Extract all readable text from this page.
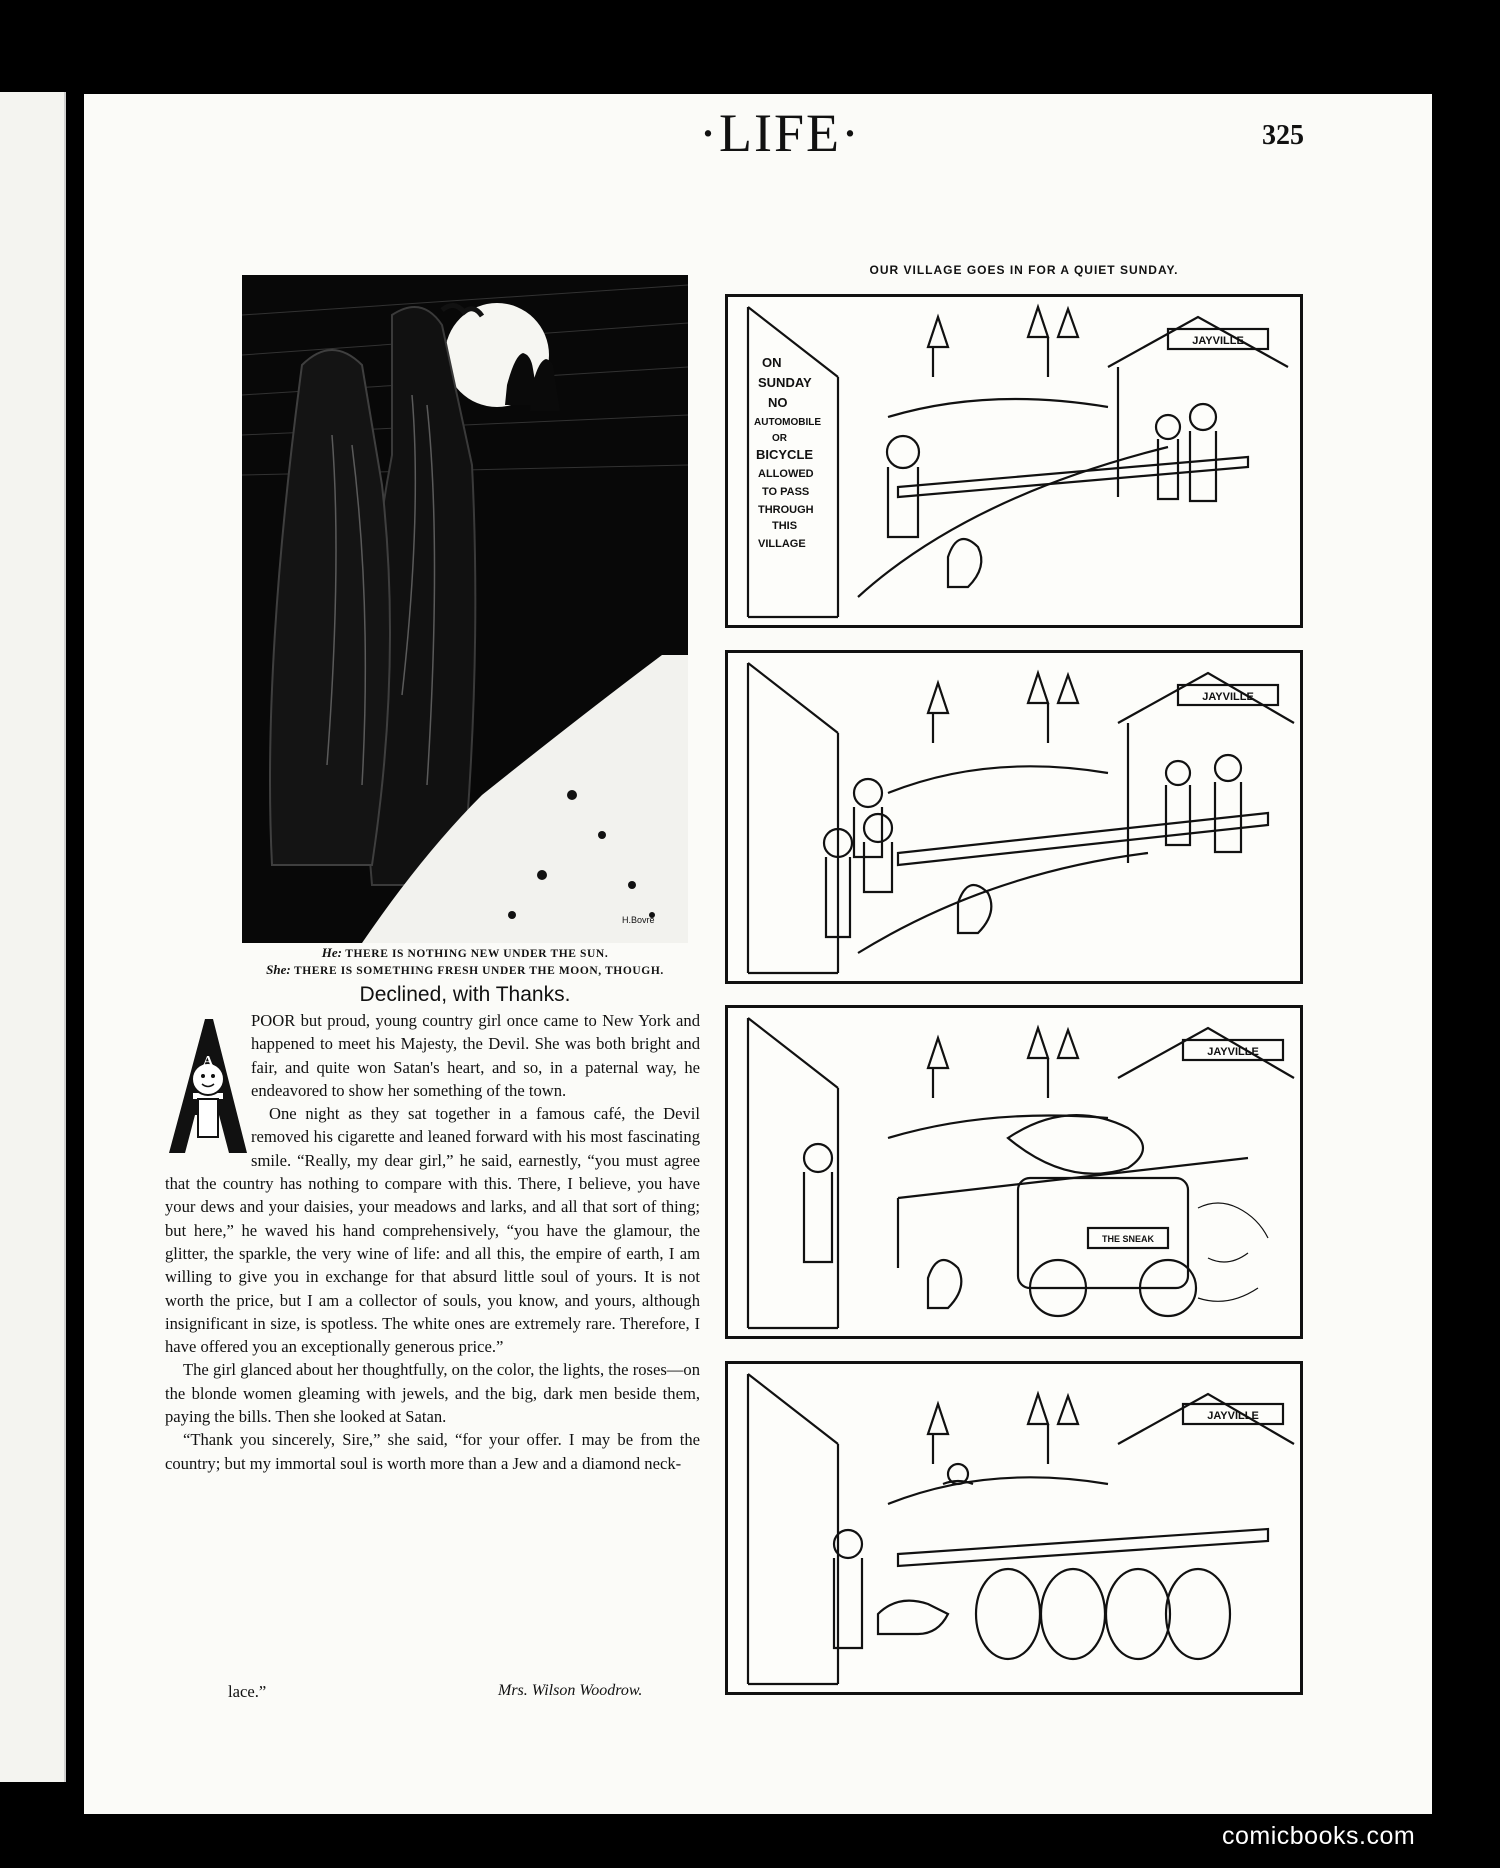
·LIFE·	325
H.Bovre
He: THERE IS NOTHING NEW UNDER THE SUN.
She: THERE IS SOMETHING FRESH UNDER THE MOON, THOUGH.
Declined, with Thanks.
A

POOR but proud, young country girl once came to New York and happened to meet his Majesty, the Devil. She was both bright and fair, and quite won Satan's heart, and so, in a paternal way, he endeavored to show her something of the town.

One night as they sat together in a famous café, the Devil removed his cigarette and leaned forward with his most fascinating smile. “Really, my dear girl,” he said, earnestly, “you must agree that the country has nothing to compare with this. There, I believe, you have your dews and your daisies, your meadows and larks, and all that sort of thing; but here,” he waved his hand comprehensively, “you have the glamour, the glitter, the sparkle, the very wine of life: and all this, the empire of earth, I am willing to give you in exchange for that absurd little soul of yours. It is not worth the price, but I am a collector of souls, you know, and yours, although insignificant in size, is spotless. The white ones are extremely rare. Therefore, I have offered you an exceptionally generous price.”

The girl glanced about her thoughtfully, on the color, the lights, the roses—on the blonde women gleaming with jewels, and the big, dark men beside them, paying the bills. Then she looked at Satan.

“Thank you sincerely, Sire,” she said, “for your offer. I may be from the country; but my immortal soul is worth more than a Jew and a diamond neck-

lace.”	Mrs. Wilson Woodrow.
OUR VILLAGE GOES IN FOR A QUIET SUNDAY.
ON
SUNDAY
NO
AUTOMOBILE
OR
BICYCLE
ALLOWED
TO PASS
THROUGH
THIS
VILLAGE
JAYVILLE
JAYVILLE
JAYVILLE
THE SNEAK
JAYVILLE
comicbooks.com
